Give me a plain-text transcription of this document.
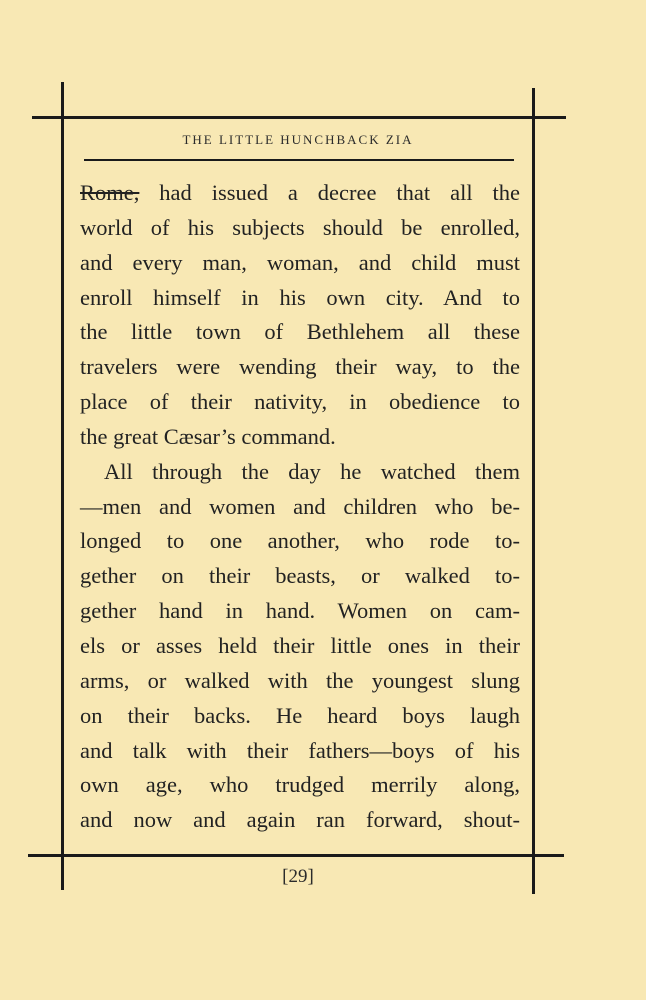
THE LITTLE HUNCHBACK ZIA
Rome, had issued a decree that all the
world of his subjects should be enrolled,
and every man, woman, and child must
enroll himself in his own city. And to
the little town of Bethlehem all these
travelers were wending their way, to the
place of their nativity, in obedience to
the great Cæsar’s command.
All through the day he watched them
—men and women and children who be-
longed to one another, who rode to-
gether on their beasts, or walked to-
gether hand in hand. Women on cam-
els or asses held their little ones in their
arms, or walked with the youngest slung
on their backs. He heard boys laugh
and talk with their fathers—boys of his
own age, who trudged merrily along,
and now and again ran forward, shout-
[29]
